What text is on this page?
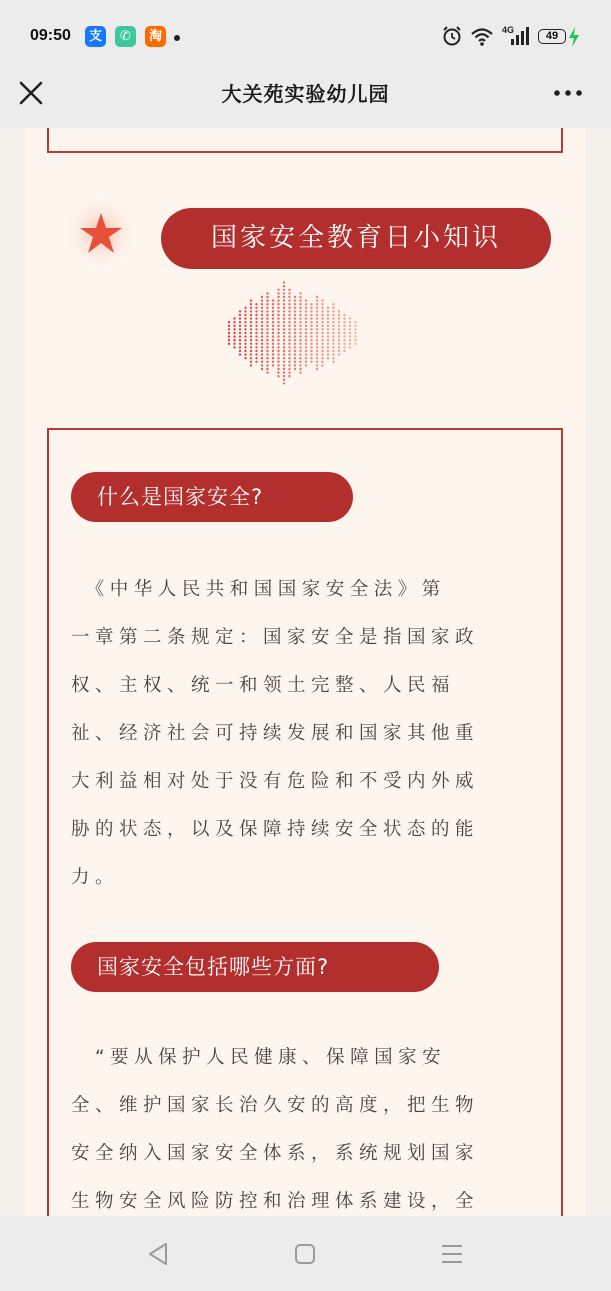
09:50	支	✆	淘	4G	49
大关苑实验幼儿园
国家安全教育日小知识
什么是国家安全?
　《中华人民共和国国家安全法》第
一章第二条规定：国家安全是指国家政
权、主权、统一和领土完整、人民福
祉、经济社会可持续发展和国家其他重
大利益相对处于没有危险和不受内外威
胁的状态，以及保障持续安全状态的能
力。
国家安全包括哪些方面?
　“要从保护人民健康、保障国家安
全、维护国家长治久安的高度，把生物
安全纳入国家安全体系，系统规划国家
生物安全风险防控和治理体系建设，全
